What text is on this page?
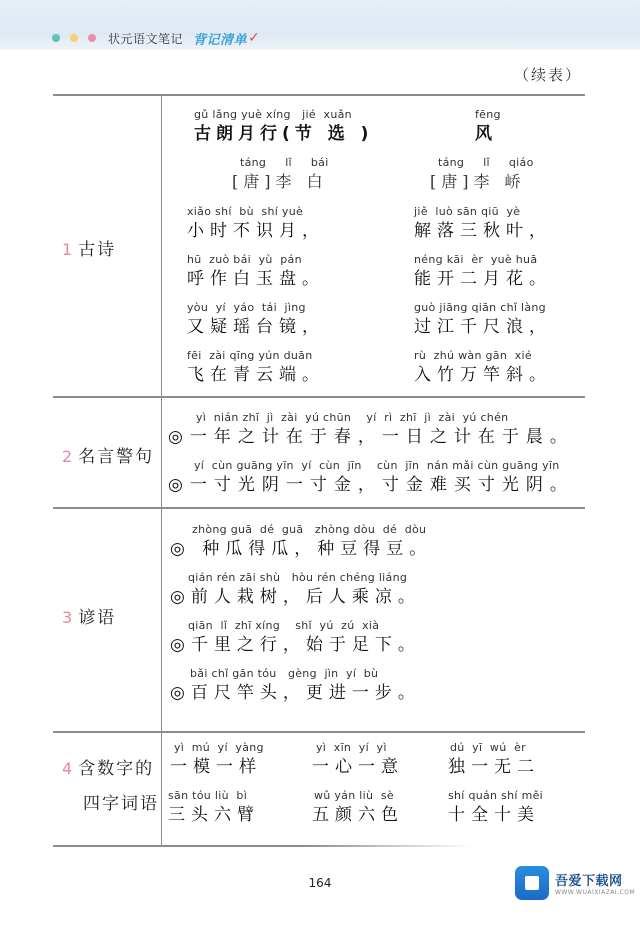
状元语文笔记 背记清单 ✓
（续表）
1 古诗
2 名言警句
3 谚语
4 含数字的
四字词语
gǔ lǎng yuè xíng   jié  xuǎn
古朗月行(节 选 )
táng     lǐ     bái
[唐]李 白
xiǎo shí  bù  shí yuè
小时不识月，
hū  zuò bái  yù  pán
呼作白玉盘。
yòu  yí  yáo  tái  jìng
又疑瑶台镜，
fēi  zài qīng yún duān
飞在青云端。
fēng
风
táng     lǐ     qiáo
[唐]李 峤
jiě  luò sān qiū  yè
解落三秋叶，
néng kāi  èr  yuè huā
能开二月花。
guò jiāng qiān chǐ làng
过江千尺浪，
rù  zhú wàn gān  xié
入竹万竿斜。
yì  nián zhī  jì  zài  yú chūn    yí  rì  zhī  jì  zài  yú chén
◎一年之计在于春，一日之计在于晨。
yí  cùn guāng yīn  yí  cùn  jīn    cùn  jīn  nán mǎi cùn guāng yīn
◎一寸光阴一寸金，寸金难买寸光阴。
zhòng guā  dé  guā   zhòng dòu  dé  dòu
◎ 种瓜得瓜，种豆得豆。
qián rén zāi shù   hòu rén chéng liáng
◎前人栽树，后人乘凉。
qiān  lǐ  zhī xíng    shǐ  yú  zú  xià
◎千里之行，始于足下。
bǎi chǐ gān tóu   gèng  jìn  yí  bù
◎百尺竿头，更进一步。
yì  mú  yí  yàng
一模一样
yì  xīn  yí  yì
一心一意
dú  yī  wú  èr
独一无二
sān tóu liù  bì
三头六臂
wǔ yán liù  sè
五颜六色
shí quán shí měi
十全十美
164	吾爱下载网
WWW.WUAIXIAZAI.COM
